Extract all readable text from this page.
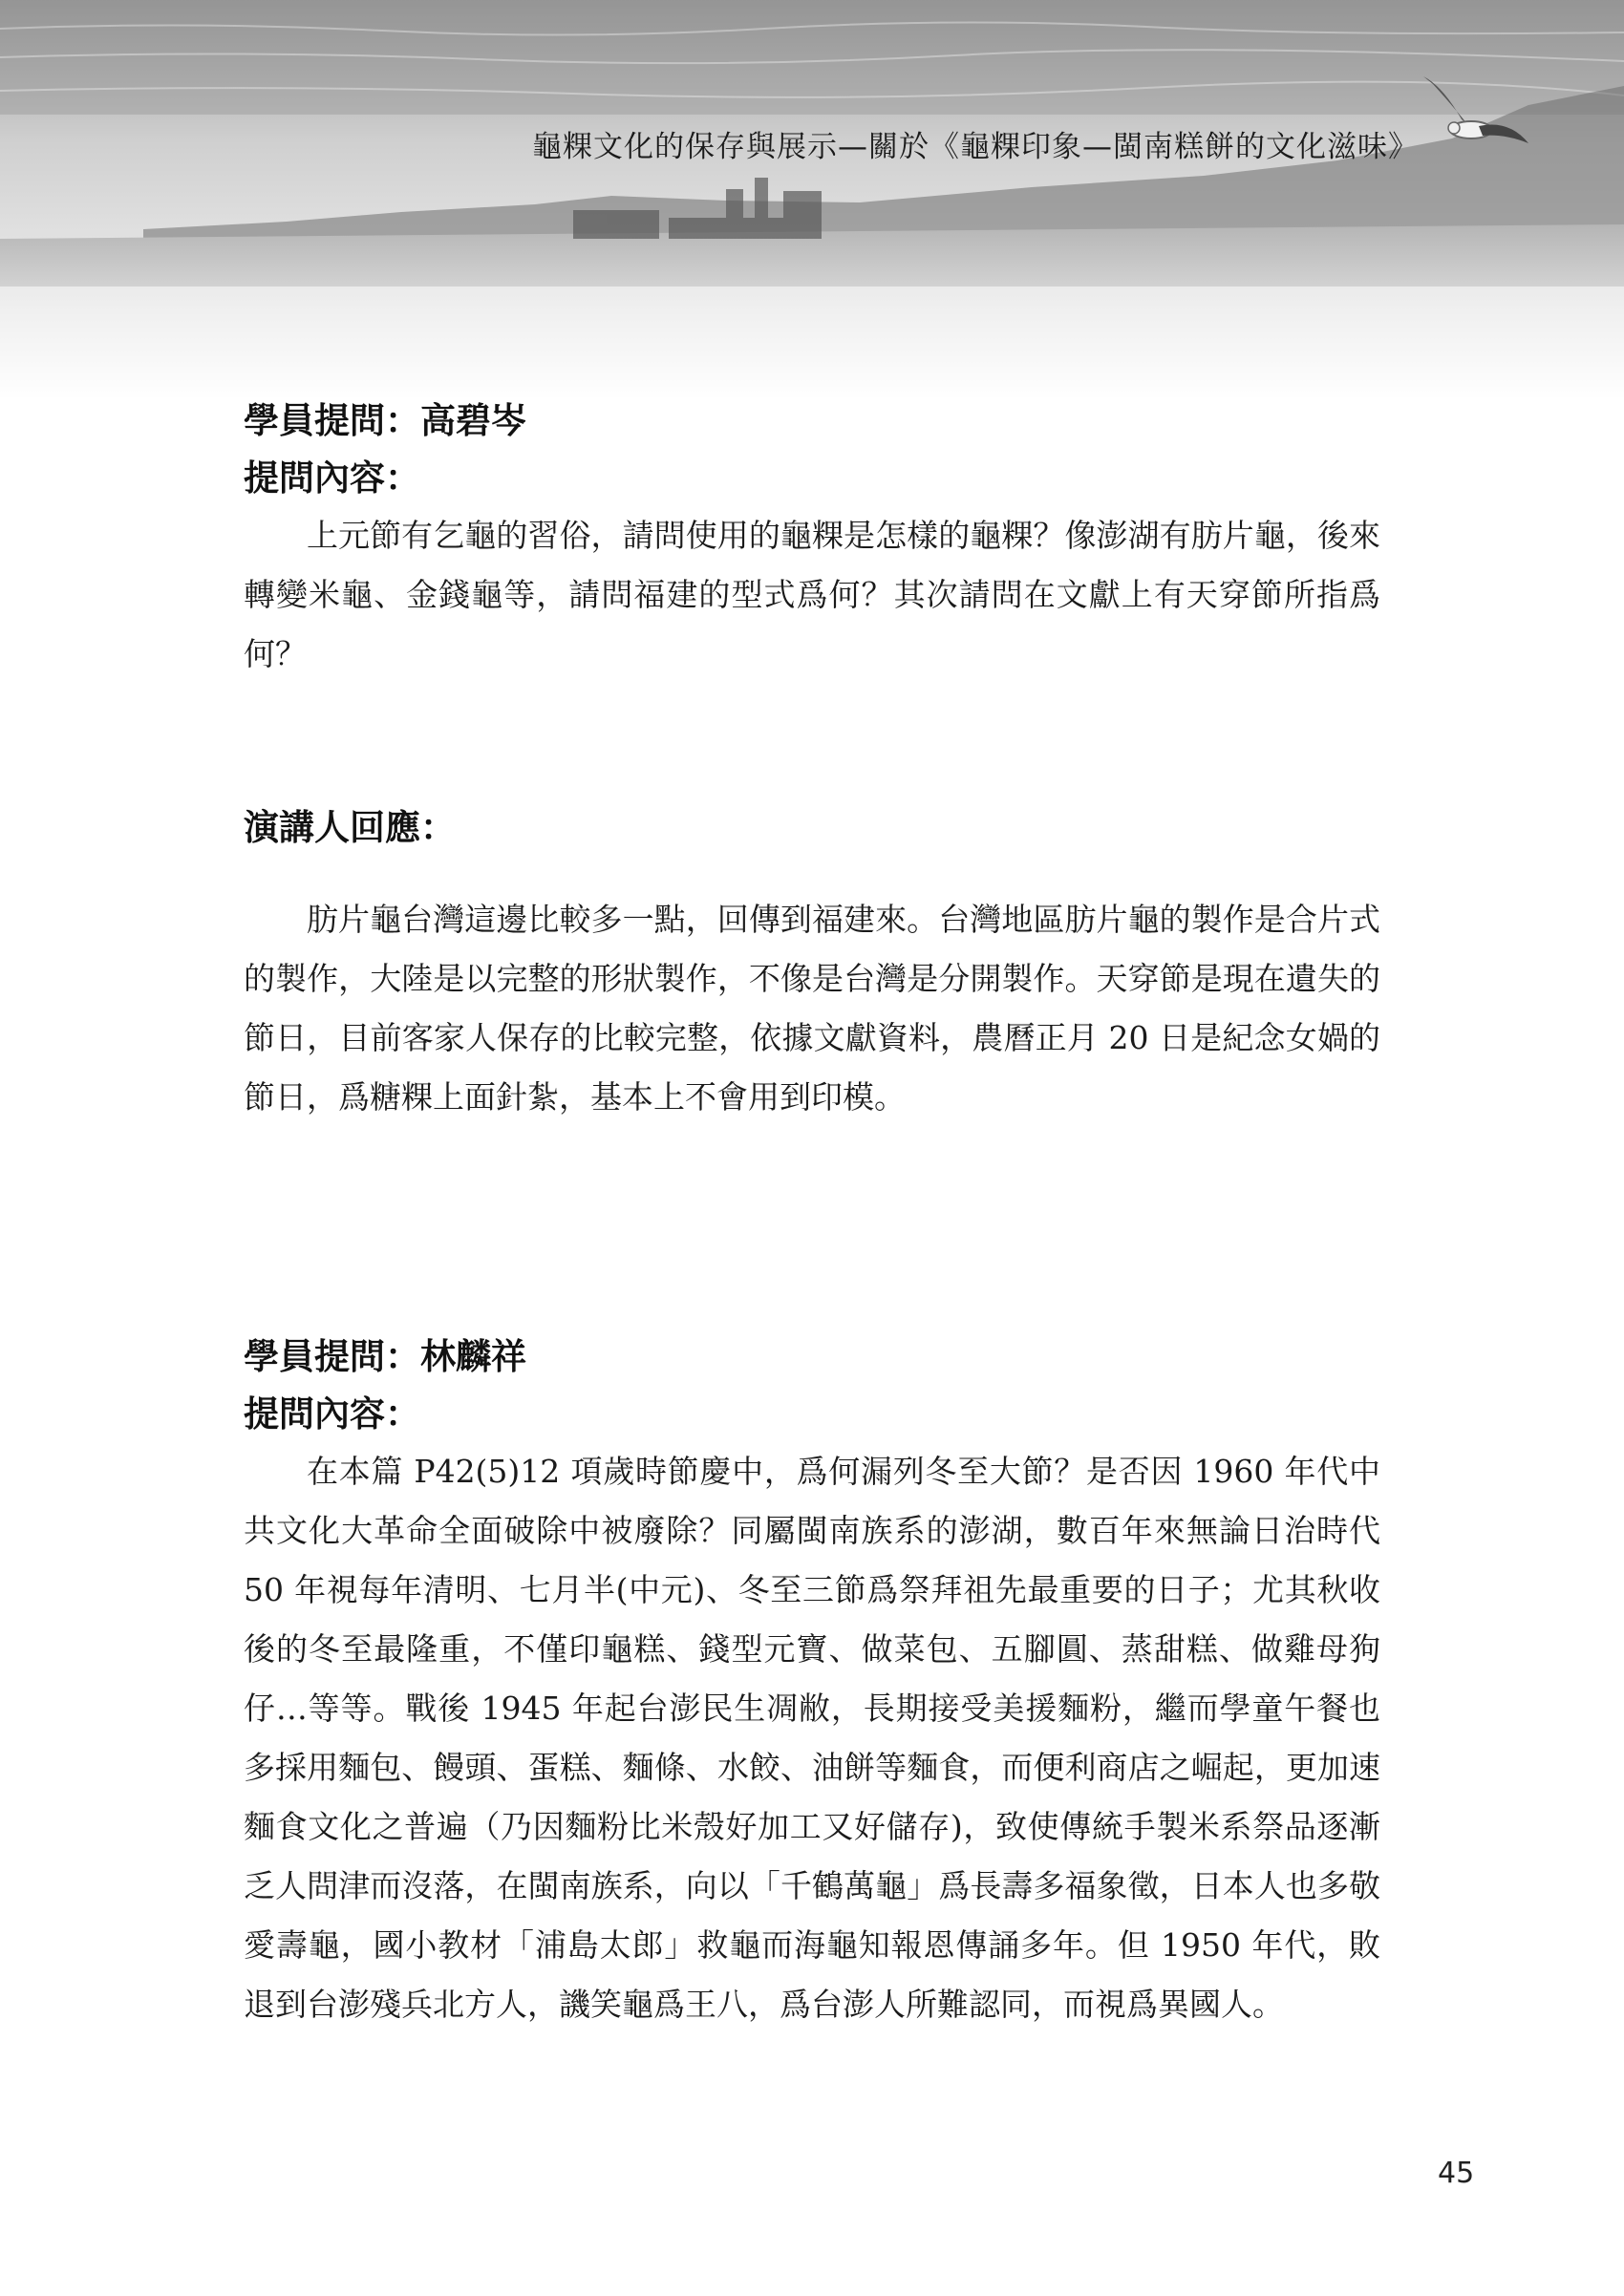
龜粿文化的保存與展示—關於《龜粿印象—閩南糕餅的文化滋味》

學員提問：高碧岑

提問內容：

上元節有乞龜的習俗，請問使用的龜粿是怎樣的龜粿？像澎湖有肪片龜，後來轉變米龜、金錢龜等，請問福建的型式爲何？其次請問在文獻上有天穿節所指爲何？

演講人回應：

肪片龜台灣這邊比較多一點，回傳到福建來。台灣地區肪片龜的製作是合片式的製作，大陸是以完整的形狀製作，不像是台灣是分開製作。天穿節是現在遺失的節日，目前客家人保存的比較完整，依據文獻資料，農曆正月 20 日是紀念女媧的節日，爲糖粿上面針紮，基本上不會用到印模。

學員提問：林麟祥

提問內容：

在本篇 P42(5)12 項歲時節慶中，爲何漏列冬至大節？是否因 1960 年代中共文化大革命全面破除中被廢除？同屬閩南族系的澎湖，數百年來無論日治時代 50 年視每年清明、七月半(中元)、冬至三節爲祭拜祖先最重要的日子；尤其秋收後的冬至最隆重，不僅印龜糕、錢型元寶、做菜包、五腳圓、蒸甜糕、做雞母狗仔…等等。戰後 1945 年起台澎民生凋敝，長期接受美援麵粉，繼而學童午餐也多採用麵包、饅頭、蛋糕、麵條、水餃、油餅等麵食，而便利商店之崛起，更加速麵食文化之普遍（乃因麵粉比米殼好加工又好儲存)，致使傳統手製米系祭品逐漸乏人問津而沒落，在閩南族系，向以「千鶴萬龜」爲長壽多福象徵，日本人也多敬愛壽龜，國小教材「浦島太郎」救龜而海龜知報恩傳誦多年。但 1950 年代，敗退到台澎殘兵北方人，譏笑龜爲王八，爲台澎人所難認同，而視爲異國人。

45
